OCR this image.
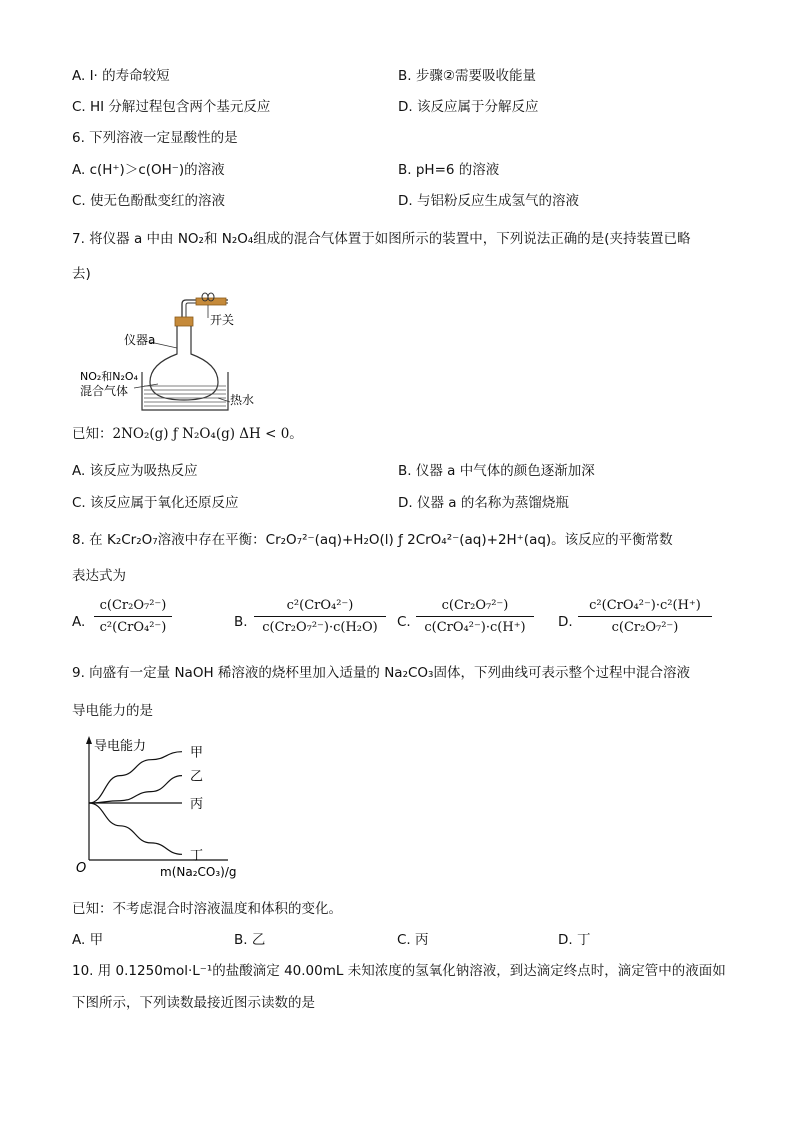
A. I· 的寿命较短	B. 步骤②需要吸收能量
C. HI 分解过程包含两个基元反应	D. 该反应属于分解反应
6. 下列溶液一定显酸性的是
A. c(H⁺)＞c(OH⁻)的溶液	B. pH=6 的溶液
C. 使无色酚酞变红的溶液	D. 与铝粉反应生成氢气的溶液
7. 将仪器 a 中由 NO₂和 N₂O₄组成的混合气体置于如图所示的装置中，下列说法正确的是(夹持装置已略
去)
开关
仪器a
NO₂和N₂O₄
混合气体
热水
已知：2NO₂(g) ƒ N₂O₄(g) ΔH < 0。
A. 该反应为吸热反应	B. 仪器 a 中气体的颜色逐渐加深
C. 该反应属于氧化还原反应	D. 仪器 a 的名称为蒸馏烧瓶
8. 在 K₂Cr₂O₇溶液中存在平衡：Cr₂O₇²⁻(aq)+H₂O(l) ƒ 2CrO₄²⁻(aq)+2H⁺(aq)。该反应的平衡常数
表达式为
A.
c(Cr₂O₇²⁻)
c²(CrO₄²⁻)	B.
c²(CrO₄²⁻)
c(Cr₂O₇²⁻)·c(H₂O)	C.
c(Cr₂O₇²⁻)
c(CrO₄²⁻)·c(H⁺)	D.
c²(CrO₄²⁻)·c²(H⁺)
c(Cr₂O₇²⁻)
9. 向盛有一定量 NaOH 稀溶液的烧杯里加入适量的 Na₂CO₃固体，下列曲线可表示整个过程中混合溶液
导电能力的是
导电能力
O	m(Na₂CO₃)/g
甲
乙
丙
丁
已知：不考虑混合时溶液温度和体积的变化。
A. 甲	B. 乙	C. 丙	D. 丁
10. 用 0.1250mol·L⁻¹的盐酸滴定 40.00mL 未知浓度的氢氧化钠溶液，到达滴定终点时，滴定管中的液面如
下图所示，下列读数最接近图示读数的是
